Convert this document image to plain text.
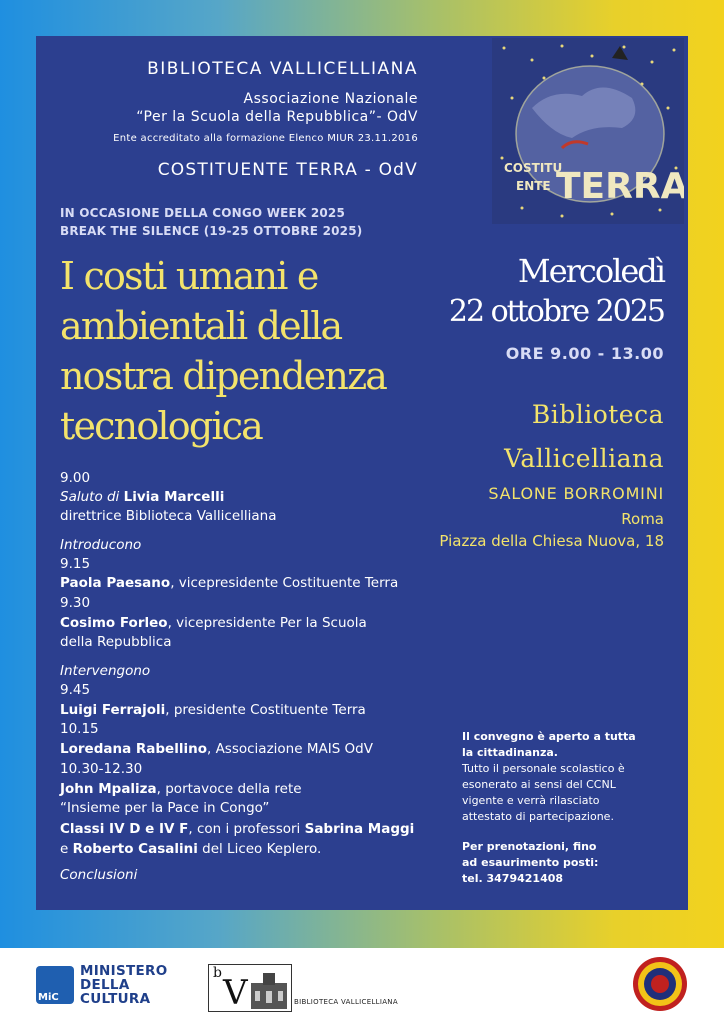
BIBLIOTECA VALLICELLIANA

Associazione Nazionale

“Per la Scuola della Repubblica”- OdV

Ente accreditato alla formazione Elenco MIUR 23.11.2016

COSTITUENTE TERRA - OdV	COSTITU
ENTE TERRA

IN OCCASIONE DELLA CONGO WEEK 2025

BREAK THE SILENCE (19-25 OTTOBRE 2025)

I costi umani e
ambientali della
nostra dipendenza
tecnologica

Mercoledì

22 ottobre 2025

ORE 9.00 - 13.00

Biblioteca

Vallicelliana

SALONE BORROMINI

Roma

Piazza della Chiesa Nuova, 18

9.00

Saluto di Livia Marcelli

direttrice Biblioteca Vallicelliana

Introducono

9.15

Paola Paesano, vicepresidente Costituente Terra

9.30

Cosimo Forleo, vicepresidente Per la Scuola

della Repubblica

Intervengono

9.45

Luigi Ferrajoli, presidente Costituente Terra

10.15

Loredana Rabellino, Associazione MAIS OdV

10.30-12.30

John Mpaliza, portavoce della rete

“Insieme per la Pace in Congo”

Classi IV D e IV F, con i professori Sabrina Maggi

e Roberto Casalini del Liceo Keplero.

Conclusioni

Il convegno è aperto a tutta

la cittadinanza.

Tutto il personale scolastico è

esonerato ai sensi del CCNL

vigente e verrà rilasciato

attestato di partecipazione.

Per prenotazioni, fino

ad esaurimento posti:

tel. 3479421408

MiC
MINISTERO
DELLA
CULTURA
b V	BIBLIOTECA VALLICELLIANA
